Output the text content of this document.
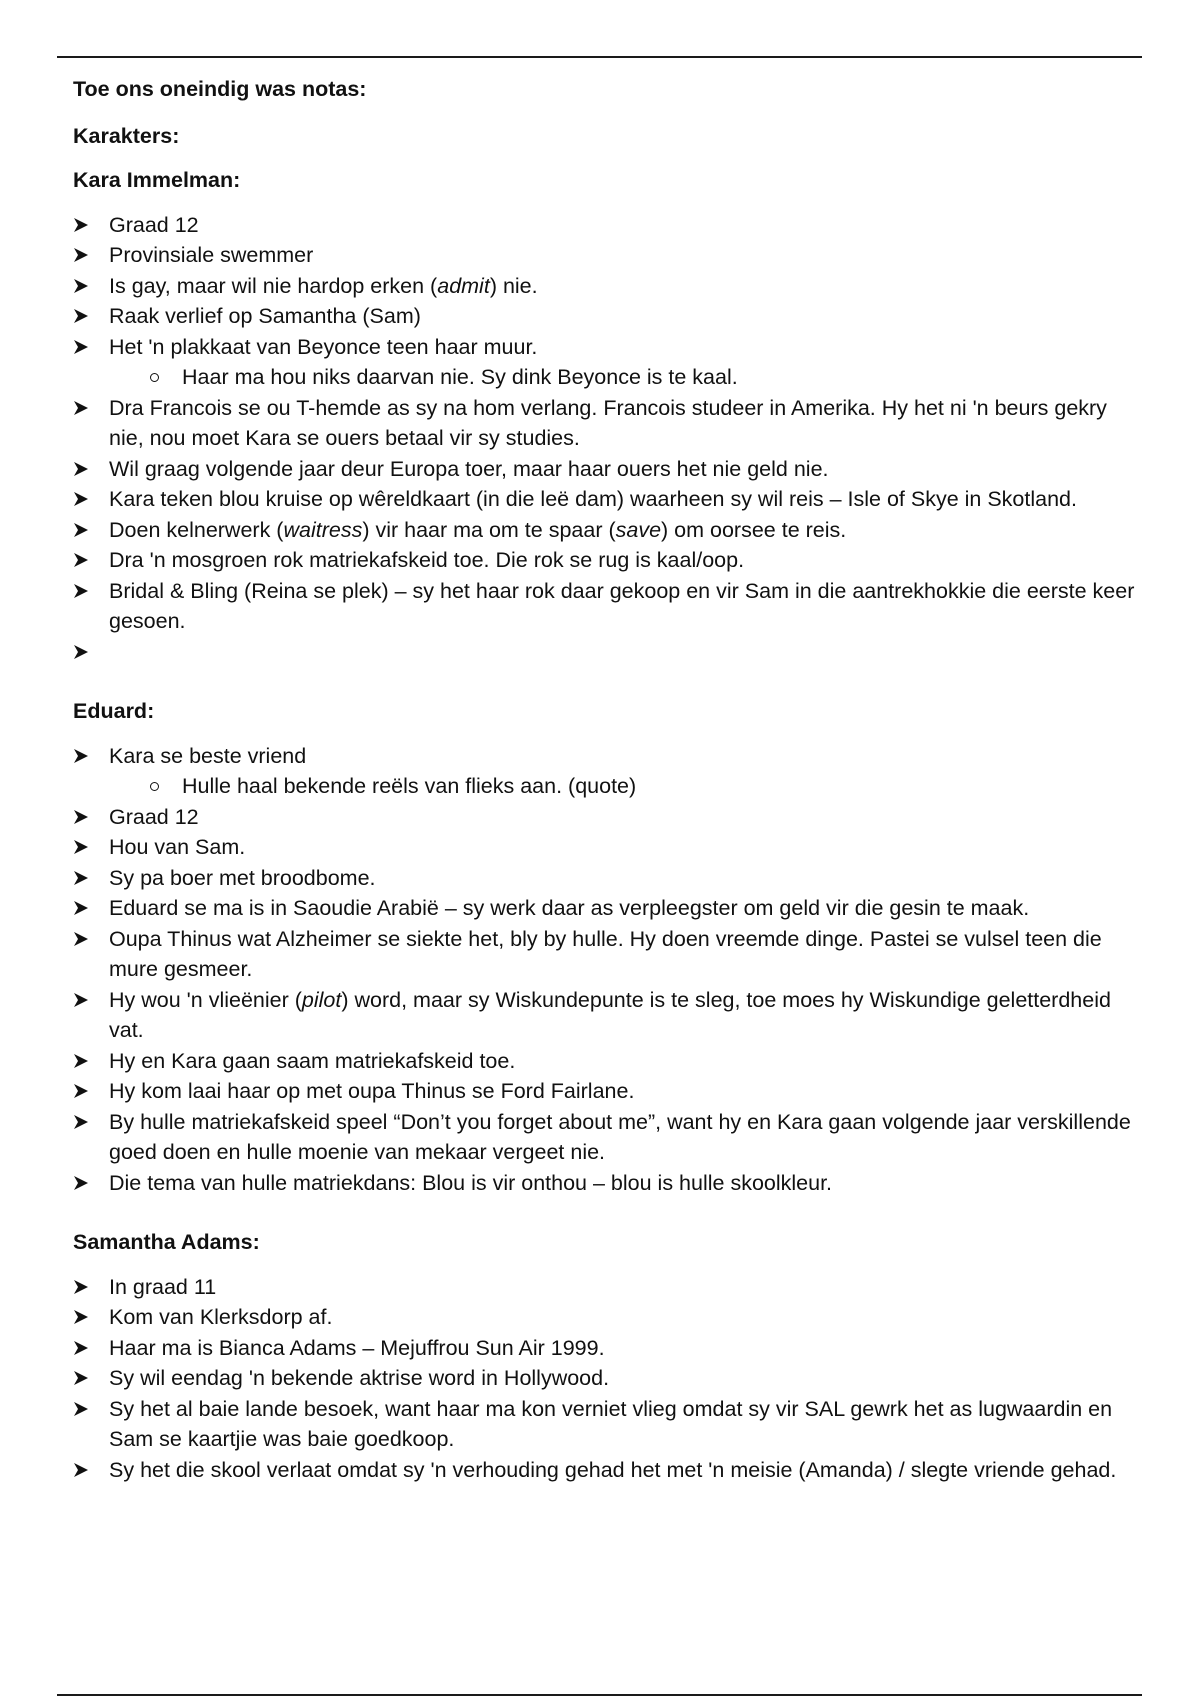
Toe ons oneindig was notas:

Karakters:

Kara Immelman:

Graad 12
Provinsiale swemmer
Is gay, maar wil nie hardop erken (admit) nie.
Raak verlief op Samantha (Sam)
Het 'n plakkaat van Beyonce teen haar muur.
Haar ma hou niks daarvan nie. Sy dink Beyonce is te kaal.
Dra Francois se ou T-hemde as sy na hom verlang. Francois studeer in Amerika. Hy het ni 'n beurs gekry nie, nou moet Kara se ouers betaal vir sy studies.
Wil graag volgende jaar deur Europa toer, maar haar ouers het nie geld nie.
Kara teken blou kruise op wêreldkaart (in die leë dam) waarheen sy wil reis – Isle of Skye in Skotland.
Doen kelnerwerk (waitress) vir haar ma om te spaar (save) om oorsee te reis.
Dra 'n mosgroen rok matriekafskeid toe. Die rok se rug is kaal/oop.
Bridal & Bling (Reina se plek) – sy het haar rok daar gekoop en vir Sam in die aantrekhokkie die eerste keer gesoen.

Eduard:

Kara se beste vriend
Hulle haal bekende reëls van flieks aan. (quote)
Graad 12
Hou van Sam.
Sy pa boer met broodbome.
Eduard se ma is in Saoudie Arabië – sy werk daar as verpleegster om geld vir die gesin te maak.
Oupa Thinus wat Alzheimer se siekte het, bly by hulle. Hy doen vreemde dinge. Pastei se vulsel teen die mure gesmeer.
Hy wou 'n vlieënier (pilot) word, maar sy Wiskundepunte is te sleg, toe moes hy Wiskundige geletterdheid vat.
Hy en Kara gaan saam matriekafskeid toe.
Hy kom laai haar op met oupa Thinus se Ford Fairlane.
By hulle matriekafskeid speel “Don’t you forget about me”, want hy en Kara gaan volgende jaar verskillende goed doen en hulle moenie van mekaar vergeet nie.
Die tema van hulle matriekdans: Blou is vir onthou – blou is hulle skoolkleur.

Samantha Adams:

In graad 11
Kom van Klerksdorp af.
Haar ma is Bianca Adams – Mejuffrou Sun Air 1999.
Sy wil eendag 'n bekende aktrise word in Hollywood.
Sy het al baie lande besoek, want haar ma kon verniet vlieg omdat sy vir SAL gewrk het as lugwaardin en Sam se kaartjie was baie goedkoop.
Sy het die skool verlaat omdat sy 'n verhouding gehad het met 'n meisie (Amanda) / slegte vriende gehad.
